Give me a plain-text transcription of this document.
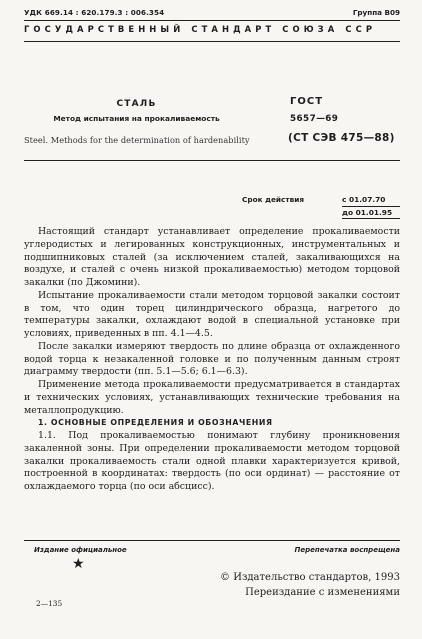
УДК 669.14 : 620.179.3 : 006.354	Группа В09
ГОСУДАРСТВЕННЫЙ СТАНДАРТ СОЮЗА ССР
СТАЛЬ
Метод испытания на прокаливаемость
Steel. Methods for the determination of hardenability
ГОСТ
5657—69
(СТ СЭВ 475—88)
Срок действия	с 01.07.70
до 01.01.95

Настоящий стандарт устанавливает определение прокаливаемости углеродистых и легированных конструкционных, инструментальных и подшипниковых сталей (за исключением сталей, закаливающихся на воздухе, и сталей с очень низкой прокаливаемостью) методом торцовой закалки (по Джомини).

Испытание прокаливаемости стали методом торцовой закалки состоит в том, что один торец цилиндрического образца, нагретого до температуры закалки, охлаждают водой в специальной установке при условиях, приведенных в пп. 4.1—4.5.

После закалки измеряют твердость по длине образца от охлажденного водой торца к незакаленной головке и по полученным данным строят диаграмму твердости (пп. 5.1—5.6; 6.1—6.3).

Применение метода прокаливаемости предусматривается в стандартах и технических условиях, устанавливающих технические требования на металлопродукцию.

1. ОСНОВНЫЕ ОПРЕДЕЛЕНИЯ И ОБОЗНАЧЕНИЯ

1.1. Под прокаливаемостью понимают глубину проникновения закаленной зоны. При определении прокаливаемости методом торцовой закалки прокаливаемость стали одной плавки характеризуется кривой, построенной в координатах: твердость (по оси ординат) — расстояние от охлаждаемого торца (по оси абсцисс).

Издание официальное	Перепечатка воспрещена
★
© Издательство стандартов, 1993
Переиздание с изменениями
2—135
